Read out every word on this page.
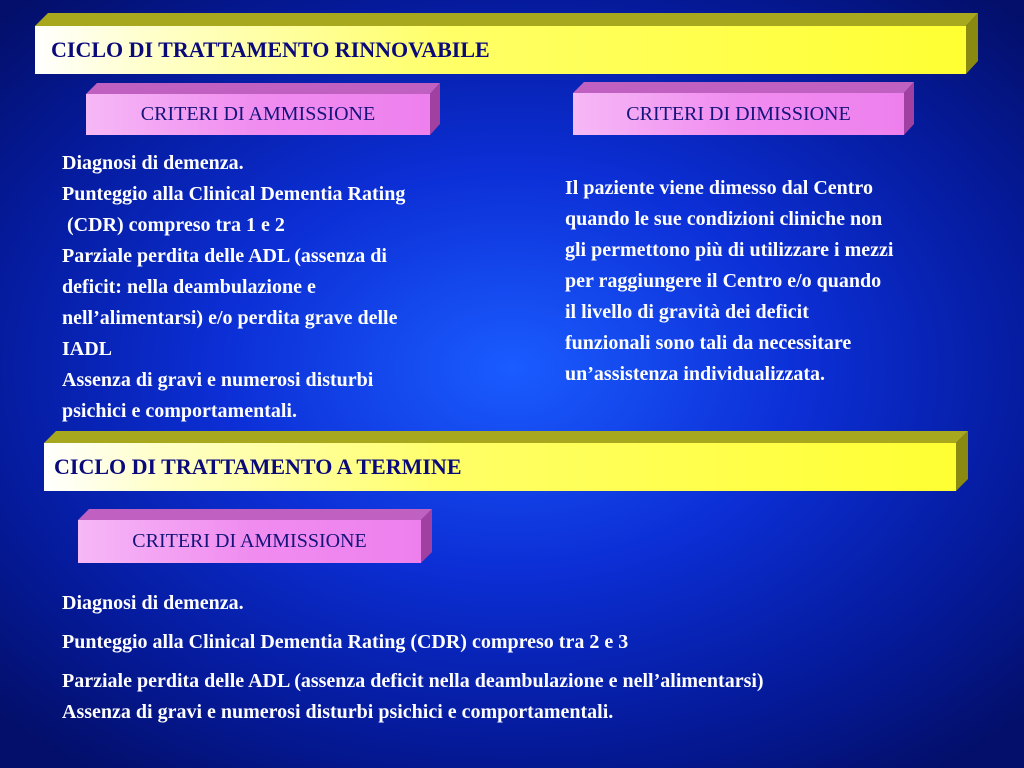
CICLO DI TRATTAMENTO RINNOVABILE
CRITERI DI AMMISSIONE	CRITERI DI DIMISSIONE

Diagnosi di demenza.

Punteggio alla Clinical Dementia Rating

(CDR) compreso tra 1 e 2

Parziale perdita delle ADL (assenza di

deficit: nella deambulazione e

nell’alimentarsi) e/o perdita grave delle

IADL

Assenza di gravi e numerosi disturbi

psichici e comportamentali.

Il paziente viene dimesso dal Centro

quando le sue condizioni cliniche non

gli permettono più di utilizzare i mezzi

per raggiungere il Centro e/o quando

il livello di gravità dei deficit

funzionali sono tali da necessitare

un’assistenza individualizzata.

CICLO DI TRATTAMENTO A TERMINE
CRITERI DI AMMISSIONE

Diagnosi di demenza.

Punteggio alla Clinical Dementia Rating (CDR) compreso tra 2 e 3

Parziale perdita delle ADL (assenza deficit nella deambulazione e nell’alimentarsi)

Assenza di gravi e numerosi disturbi psichici e comportamentali.
